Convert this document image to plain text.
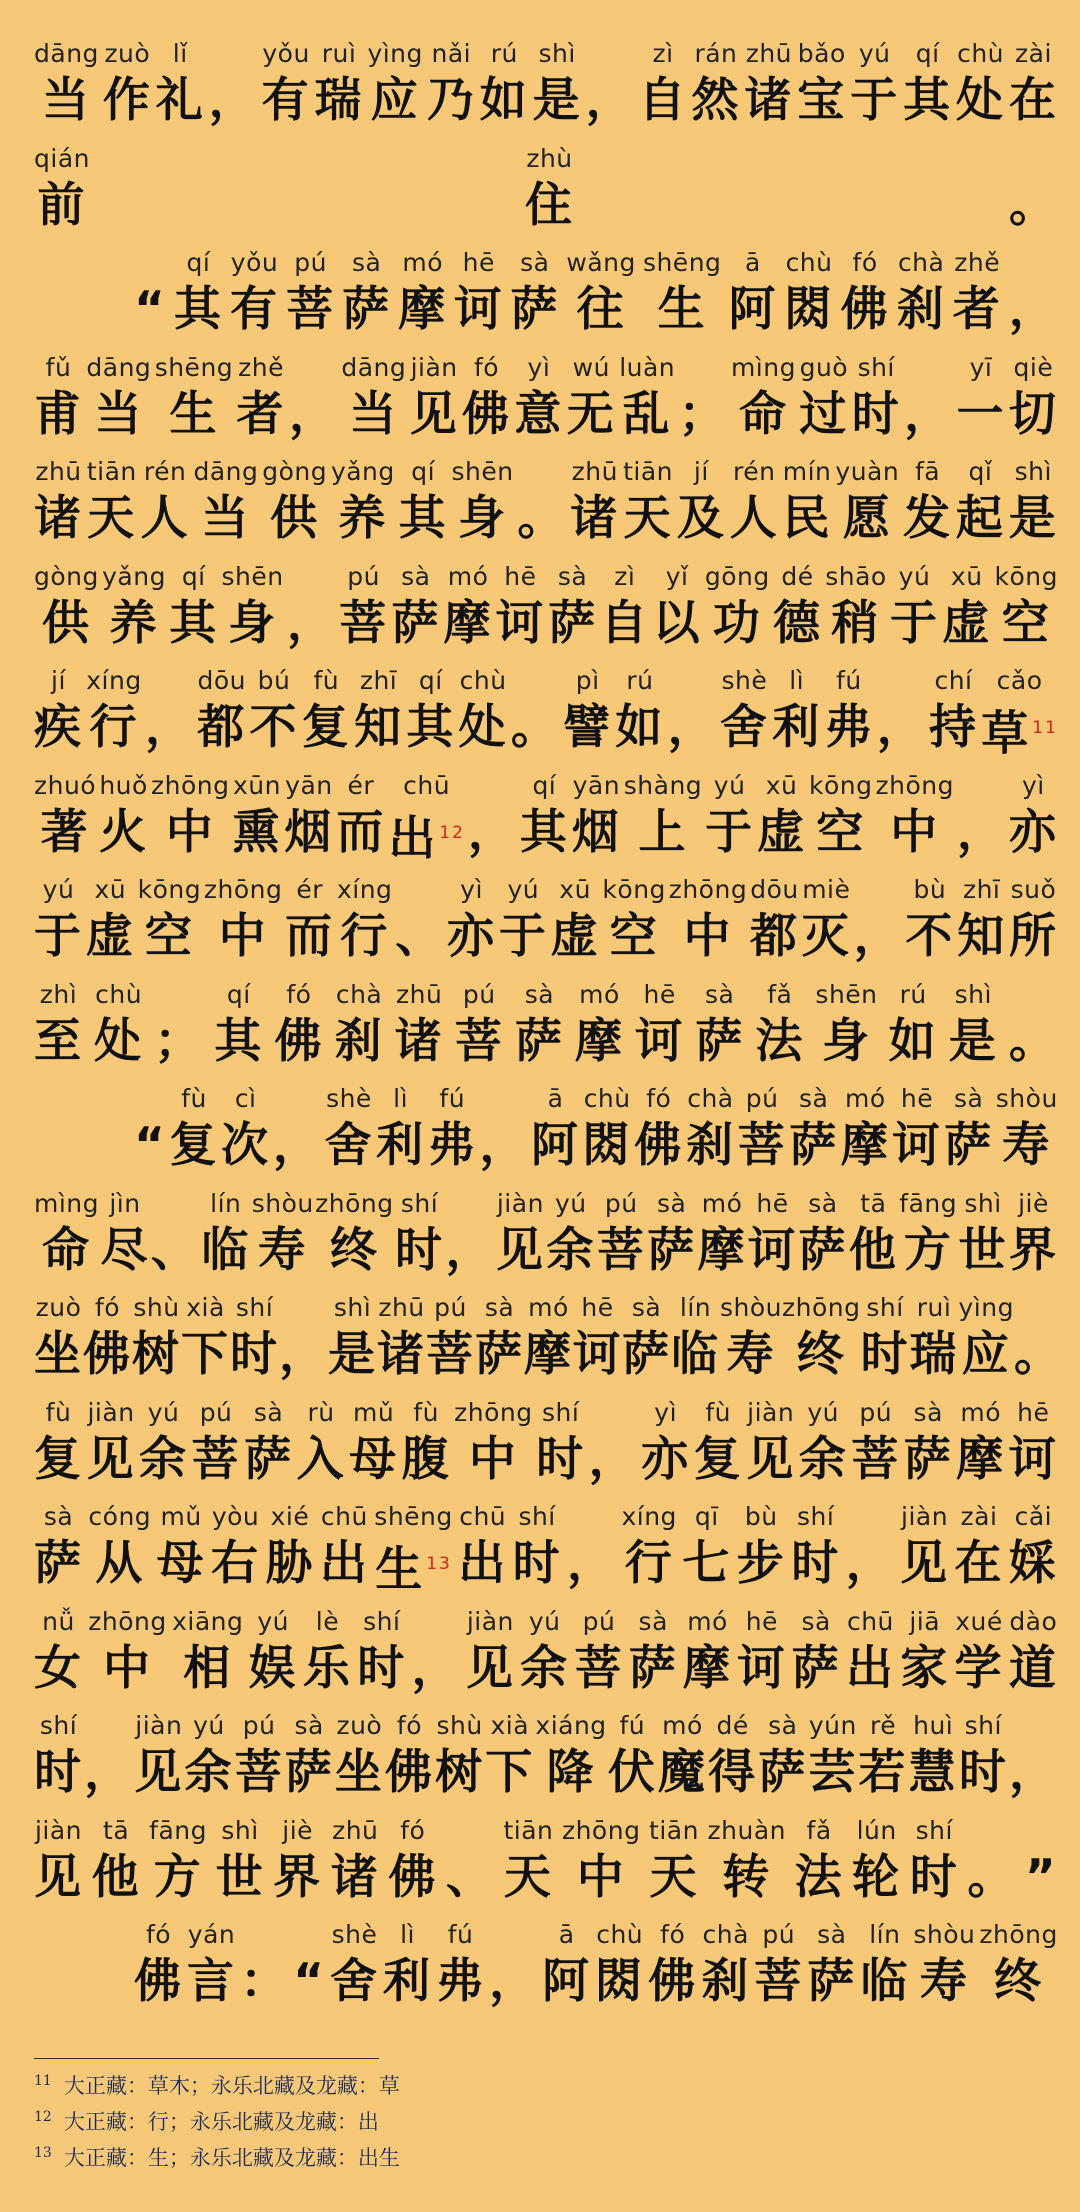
dāng
当
zuò
作
lǐ
礼 ，
yǒu
有
ruì
瑞
yìng
应
nǎi
乃
rú
如
shì
是 ，
zì
自
rán
然
zhū
诸
bǎo
宝
yú
于
qí
其
chù
处
zài
在
qián
前
zhù
住	。
“
qí
其
yǒu
有
pú
菩
sà
萨
mó
摩
hē
诃
sà
萨
wǎng
往
shēng
生
ā
阿
chù
閦
fó
佛
chà
刹
zhě
者 ，
fǔ
甫
dāng
当
shēng
生
zhě
者 ，
dāng
当
jiàn
见
fó
佛
yì
意
wú
无
luàn
乱 ；
mìng
命
guò
过
shí
时 ，
yī
一
qiè
切
zhū
诸
tiān
天
rén
人
dāng
当
gòng
供
yǎng
养
qí
其
shēn
身 。
zhū
诸
tiān
天
jí
及
rén
人
mín
民
yuàn
愿
fā
发
qǐ
起
shì
是
gòng
供
yǎng
养
qí
其
shēn
身 ，
pú
菩
sà
萨
mó
摩
hē
诃
sà
萨
zì
自
yǐ
以
gōng
功
dé
德
shāo
稍
yú
于
xū
虚
kōng
空
jí
疾
xíng
行 ，
dōu
都
bú
不
fù
复
zhī
知
qí
其
chù
处 。
pì
譬
rú
如 ，
shè
舍
lì
利
fú
弗 ，
chí
持
cǎo
草 $^{11}$
zhuó
著
huǒ
火
zhōng
中
xūn
熏
yān
烟
ér
而
chū
出 $^{12}$ ，
qí
其
yān
烟
shàng
上
yú
于
xū
虚
kōng
空
zhōng
中 ，
yì
亦
yú
于
xū
虚
kōng
空
zhōng
中
ér
而
xíng
行 、
yì
亦
yú
于
xū
虚
kōng
空
zhōng
中
dōu
都
miè
灭 ，
bù
不
zhī
知
suǒ
所
zhì
至
chù
处 ；
qí
其
fó
佛
chà
刹
zhū
诸
pú
菩
sà
萨
mó
摩
hē
诃
sà
萨
fǎ
法
shēn
身
rú
如
shì
是 。
“
fù
复
cì
次 ，
shè
舍
lì
利
fú
弗 ，
ā
阿
chù
閦
fó
佛
chà
刹
pú
菩
sà
萨
mó
摩
hē
诃
sà
萨
shòu
寿
mìng
命
jìn
尽 、
lín
临
shòu
寿
zhōng
终
shí
时 ，
jiàn
见
yú
余
pú
菩
sà
萨
mó
摩
hē
诃
sà
萨
tā
他
fāng
方
shì
世
jiè
界
zuò
坐
fó
佛
shù
树
xià
下
shí
时 ，
shì
是
zhū
诸
pú
菩
sà
萨
mó
摩
hē
诃
sà
萨
lín
临
shòu
寿
zhōng
终
shí
时
ruì
瑞
yìng
应 。
fù
复
jiàn
见
yú
余
pú
菩
sà
萨
rù
入
mǔ
母
fù
腹
zhōng
中
shí
时 ，
yì
亦
fù
复
jiàn
见
yú
余
pú
菩
sà
萨
mó
摩
hē
诃
sà
萨
cóng
从
mǔ
母
yòu
右
xié
胁
chū
出
shēng
生 $^{13}$
chū
出
shí
时 ，
xíng
行
qī
七
bù
步
shí
时 ，
jiàn
见
zài
在
cǎi
婇
nǚ
女
zhōng
中
xiāng
相
yú
娱
lè
乐
shí
时 ，
jiàn
见
yú
余
pú
菩
sà
萨
mó
摩
hē
诃
sà
萨
chū
出
jiā
家
xué
学
dào
道
shí
时 ，
jiàn
见
yú
余
pú
菩
sà
萨
zuò
坐
fó
佛
shù
树
xià
下
xiáng
降
fú
伏
mó
魔
dé
得
sà
萨
yún
芸
rě
若
huì
慧
shí
时 ，
jiàn
见
tā
他
fāng
方
shì
世
jiè
界
zhū
诸
fó
佛 、
tiān
天
zhōng
中
tiān
天
zhuàn
转
fǎ
法
lún
轮
shí
时 。 ”
fó
佛
yán
言 ： “
shè
舍
lì
利
fú
弗 ，
ā
阿
chù
閦
fó
佛
chà
刹
pú
菩
sà
萨
lín
临
shòu
寿
zhōng
终
$^{11}$ 大正藏：草木；永乐北藏及龙藏：草
$^{12}$ 大正藏：行；永乐北藏及龙藏：出
$^{13}$ 大正藏：生；永乐北藏及龙藏：出生
